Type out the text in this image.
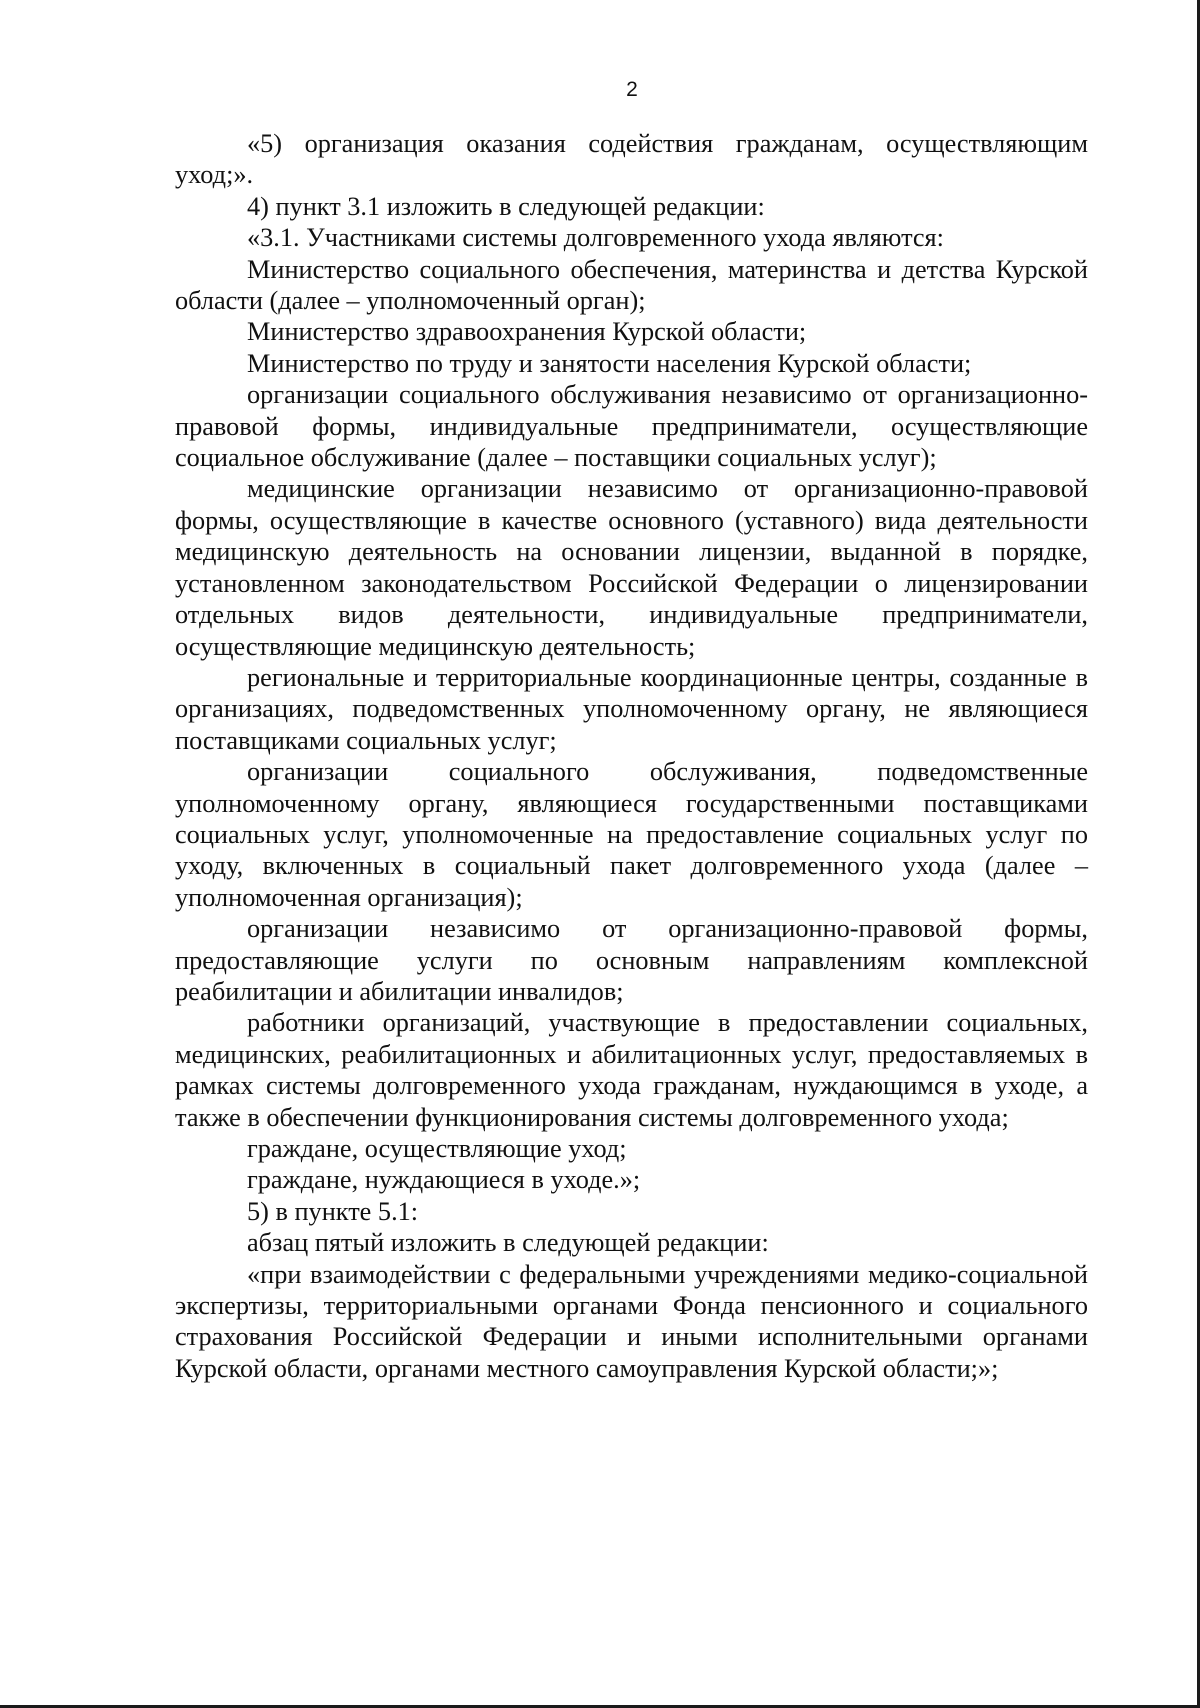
2

«5) организация оказания содействия гражданам, осуществляющим уход;».

4) пункт 3.1 изложить в следующей редакции:

«3.1. Участниками системы долговременного ухода являются:

Министерство социального обеспечения, материнства и детства Курской области (далее – уполномоченный орган);

Министерство здравоохранения Курской области;

Министерство по труду и занятости населения Курской области;

организации социального обслуживания независимо от организационно-правовой формы, индивидуальные предприниматели, осуществляющие социальное обслуживание (далее – поставщики социальных услуг);

медицинские организации независимо от организационно-правовой формы, осуществляющие в качестве основного (уставного) вида деятельности медицинскую деятельность на основании лицензии, выданной в порядке, установленном законодательством Российской Федерации о лицензировании отдельных видов деятельности, индивидуальные предприниматели, осуществляющие медицинскую деятельность;

региональные и территориальные координационные центры, созданные в организациях, подведомственных уполномоченному органу, не являющиеся поставщиками социальных услуг;

организации социального обслуживания, подведомственные уполномоченному органу, являющиеся государственными поставщиками социальных услуг, уполномоченные на предоставление социальных услуг по уходу, включенных в социальный пакет долговременного ухода (далее – уполномоченная организация);

организации независимо от организационно-правовой формы, предоставляющие услуги по основным направлениям комплексной реабилитации и абилитации инвалидов;

работники организаций, участвующие в предоставлении социальных, медицинских, реабилитационных и абилитационных услуг, предоставляемых в рамках системы долговременного ухода гражданам, нуждающимся в уходе, а также в обеспечении функционирования системы долговременного ухода;

граждане, осуществляющие уход;

граждане, нуждающиеся в уходе.»;

5) в пункте 5.1:

абзац пятый изложить в следующей редакции:

«при взаимодействии с федеральными учреждениями медико-социальной экспертизы, территориальными органами Фонда пенсионного и социального страхования Российской Федерации и иными исполнительными органами Курской области, органами местного самоуправления Курской области;»;
